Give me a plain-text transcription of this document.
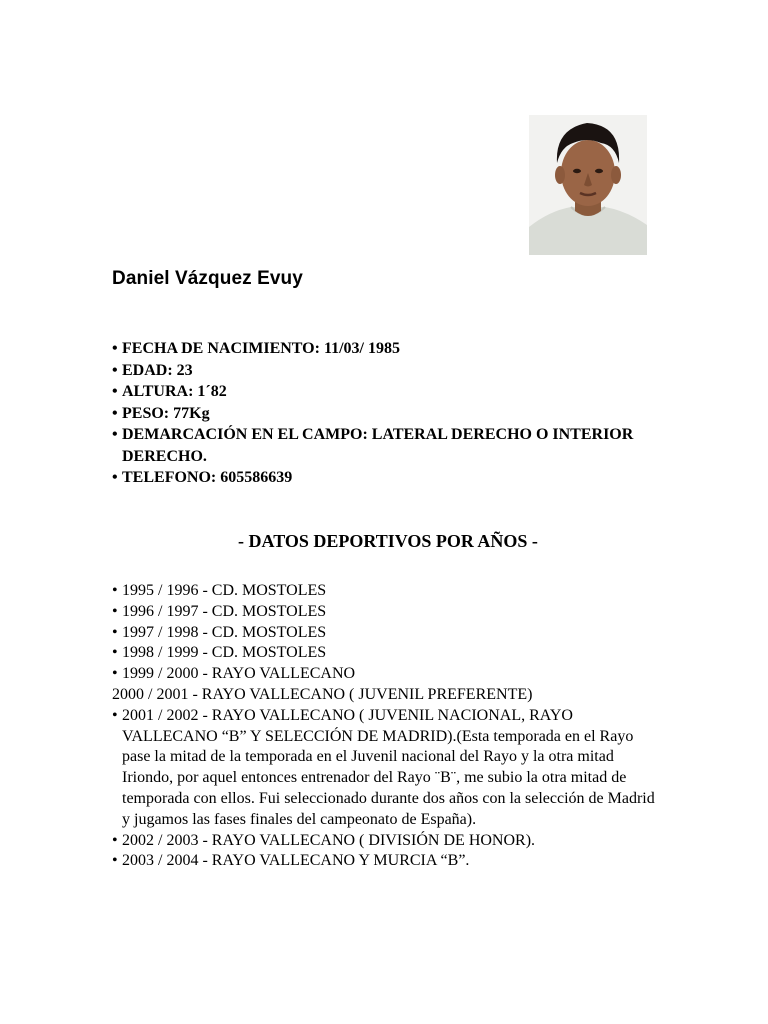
Daniel Vázquez Evuy
• FECHA DE NACIMIENTO: 11/03/ 1985
• EDAD: 23
• ALTURA: 1´82
• PESO: 77Kg
• DEMARCACIÓN EN EL CAMPO: LATERAL DERECHO O INTERIOR DERECHO.
• TELEFONO: 605586639
- DATOS DEPORTIVOS POR AÑOS -
• 1995 / 1996 - CD. MOSTOLES
• 1996 / 1997 - CD. MOSTOLES
• 1997 / 1998 - CD. MOSTOLES
• 1998 / 1999 - CD. MOSTOLES
• 1999 / 2000 - RAYO VALLECANO
2000 / 2001 - RAYO VALLECANO ( JUVENIL PREFERENTE)
• 2001 / 2002 - RAYO VALLECANO ( JUVENIL NACIONAL, RAYO VALLECANO “B” Y SELECCIÓN DE MADRID).(Esta temporada en el Rayo pase la mitad de la temporada en el Juvenil nacional del Rayo y la otra mitad Iriondo, por aquel entonces entrenador del Rayo ¨B¨, me subio la otra mitad de temporada con ellos. Fui seleccionado durante dos años con la selección de Madrid y jugamos las fases finales del campeonato de España).
• 2002 / 2003 - RAYO VALLECANO ( DIVISIÓN DE HONOR).
• 2003 / 2004 - RAYO VALLECANO Y MURCIA “B”.
